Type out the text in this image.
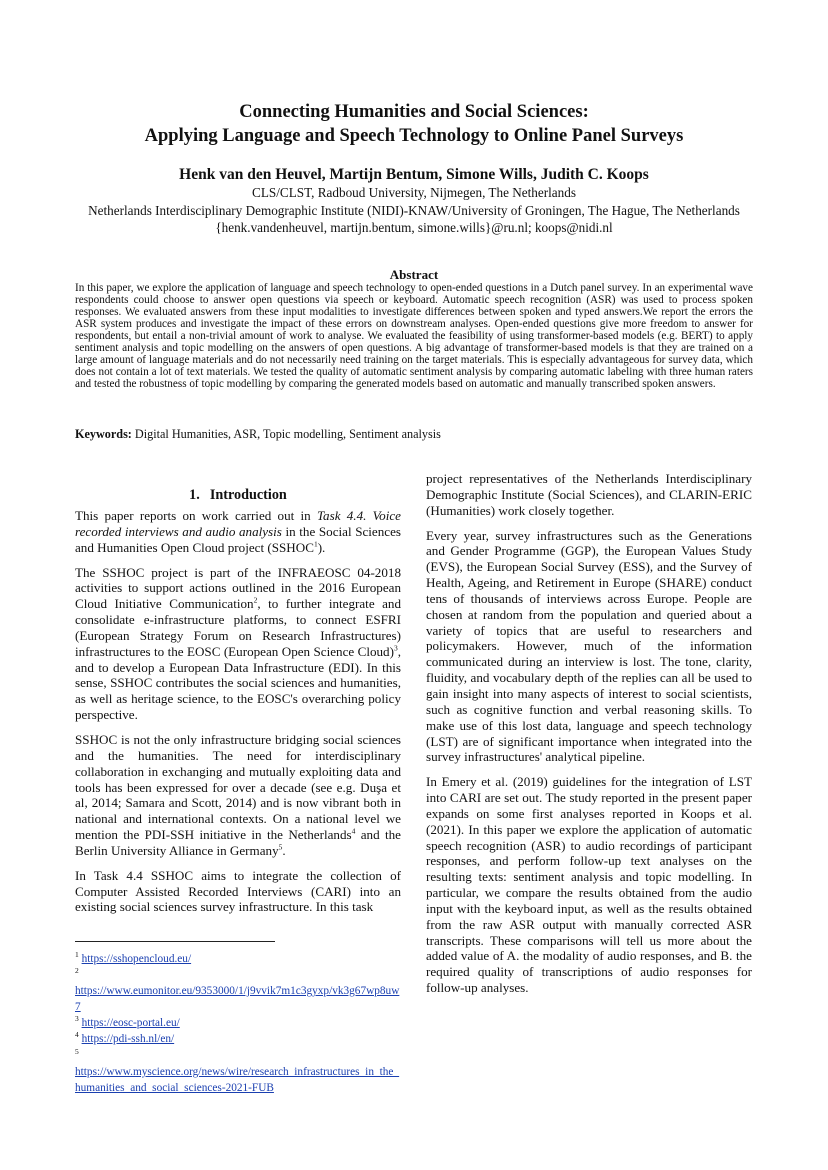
Connecting Humanities and Social Sciences:
Applying Language and Speech Technology to Online Panel Surveys
Henk van den Heuvel, Martijn Bentum, Simone Wills, Judith C. Koops
CLS/CLST, Radboud University, Nijmegen, The Netherlands
Netherlands Interdisciplinary Demographic Institute (NIDI)-KNAW/University of Groningen, The Hague, The Netherlands
{henk.vandenheuvel, martijn.bentum, simone.wills}@ru.nl; koops@nidi.nl
Abstract
In this paper, we explore the application of language and speech technology to open-ended questions in a Dutch panel survey. In an experimental wave respondents could choose to answer open questions via speech or keyboard. Automatic speech recognition (ASR) was used to process spoken responses. We evaluated answers from these input modalities to investigate differences between spoken and typed answers.We report the errors the ASR system produces and investigate the impact of these errors on downstream analyses. Open-ended questions give more freedom to answer for respondents, but entail a non-trivial amount of work to analyse. We evaluated the feasibility of using transformer-based models (e.g. BERT) to apply sentiment analysis and topic modelling on the answers of open questions. A big advantage of transformer-based models is that they are trained on a large amount of language materials and do not necessarily need training on the target materials. This is especially advantageous for survey data, which does not contain a lot of text materials. We tested the quality of automatic sentiment analysis by comparing automatic labeling with three human raters and tested the robustness of topic modelling by comparing the generated models based on automatic and manually transcribed spoken answers.
Keywords: Digital Humanities, ASR, Topic modelling, Sentiment analysis
1. Introduction

This paper reports on work carried out in Task 4.4. Voice recorded interviews and audio analysis in the Social Sciences and Humanities Open Cloud project (SSHOC$^1$).

The SSHOC project is part of the INFRAEOSC 04-2018 activities to support actions outlined in the 2016 European Cloud Initiative Communication$^2$, to further integrate and consolidate e-infrastructure platforms, to connect ESFRI (European Strategy Forum on Research Infrastructures) infrastructures to the EOSC (European Open Science Cloud)$^3$, and to develop a European Data Infrastructure (EDI). In this sense, SSHOC contributes the social sciences and humanities, as well as heritage science, to the EOSC's overarching policy perspective.

SSHOC is not the only infrastructure bridging social sciences and the humanities. The need for interdisciplinary collaboration in exchanging and mutually exploiting data and tools has been expressed for over a decade (see e.g. Duşa et al, 2014; Samara and Scott, 2014) and is now vibrant both in national and international contexts. On a national level we mention the PDI-SSH initiative in the Netherlands$^4$ and the Berlin University Alliance in Germany$^5$.

In Task 4.4 SSHOC aims to integrate the collection of Computer Assisted Recorded Interviews (CARI) into an existing social sciences survey infrastructure. In this task

project representatives of the Netherlands Interdisciplinary Demographic Institute (Social Sciences), and CLARIN-ERIC (Humanities) work closely together.

Every year, survey infrastructures such as the Generations and Gender Programme (GGP), the European Values Study (EVS), the European Social Survey (ESS), and the Survey of Health, Ageing, and Retirement in Europe (SHARE) conduct tens of thousands of interviews across Europe. People are chosen at random from the population and queried about a variety of topics that are useful to researchers and policymakers. However, much of the information communicated during an interview is lost. The tone, clarity, fluidity, and vocabulary depth of the replies can all be used to gain insight into many aspects of interest to social scientists, such as cognitive function and verbal reasoning skills. To make use of this lost data, language and speech technology (LST) are of significant importance when integrated into the survey infrastructures' analytical pipeline.

In Emery et al. (2019) guidelines for the integration of LST into CARI are set out. The study reported in the present paper expands on some first analyses reported in Koops et al. (2021). In this paper we explore the application of automatic speech recognition (ASR) to audio recordings of participant responses, and perform follow-up text analyses on the resulting texts: sentiment analysis and topic modelling. In particular, we compare the results obtained from the audio input with the keyboard input, as well as the results obtained from the raw ASR output with manually corrected ASR transcripts. These comparisons will tell us more about the added value of A. the modality of audio responses, and B. the required quality of transcriptions of audio responses for follow-up analyses.

$^1$ https://sshopencloud.eu/
$^2$
https://www.eumonitor.eu/9353000/1/j9vvik7m1c3gyxp/vk3g67wp8uw7
$^3$ https://eosc-portal.eu/
$^4$ https://pdi-ssh.nl/en/
$^5$
https://www.myscience.org/news/wire/research_infrastructures_in_the_humanities_and_social_sciences-2021-FUB
